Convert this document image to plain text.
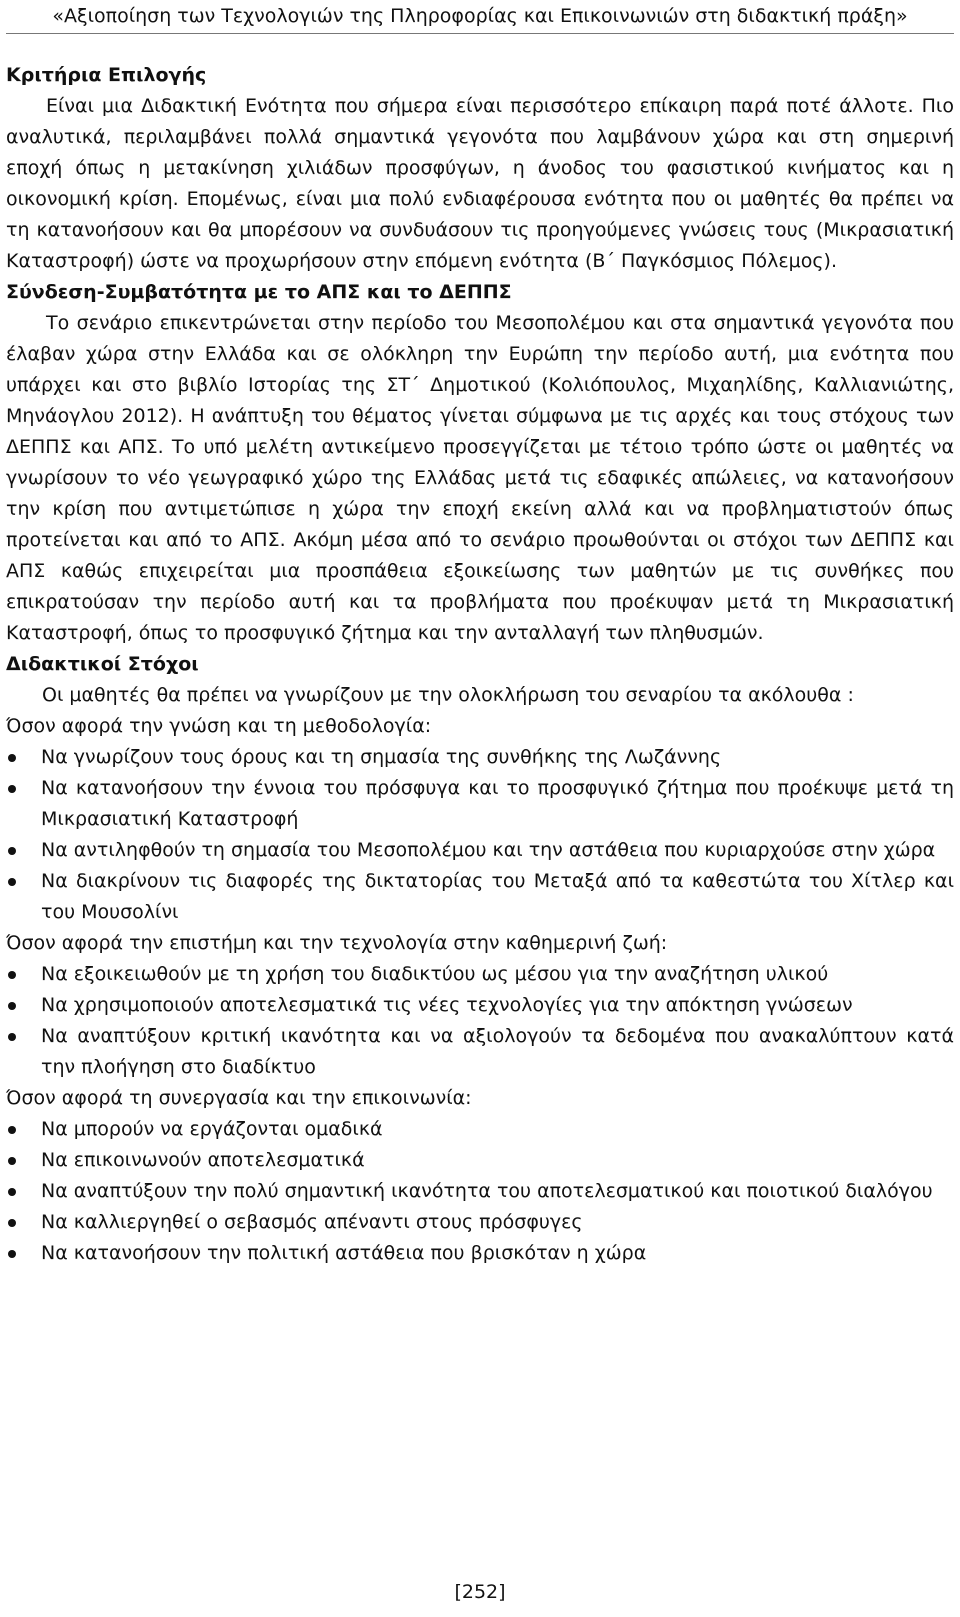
«Αξιοποίηση των Τεχνολογιών της Πληροφορίας και Επικοινωνιών στη διδακτική πράξη»
Κριτήρια Επιλογής

Είναι μια Διδακτική Ενότητα που σήμερα είναι περισσότερο επίκαιρη παρά ποτέ άλλοτε. Πιο αναλυτικά, περιλαμβάνει πολλά σημαντικά γεγονότα που λαμβάνουν χώρα και στη σημερινή εποχή όπως η μετακίνηση χιλιάδων προσφύγων, η άνοδος του φασιστικού κινήματος και η οικονομική κρίση. Επομένως, είναι μια πολύ ενδιαφέρουσα ενότητα που οι μαθητές θα πρέπει να τη κατανοήσουν και θα μπορέσουν να συνδυάσουν τις προηγούμενες γνώσεις τους (Μικρασιατική Καταστροφή) ώστε να προχωρήσουν στην επόμενη ενότητα (Β΄ Παγκόσμιος Πόλεμος).

Σύνδεση-Συμβατότητα με το ΑΠΣ και το ΔΕΠΠΣ

Το σενάριο επικεντρώνεται στην περίοδο του Μεσοπολέμου και στα σημαντικά γεγονότα που έλαβαν χώρα στην Ελλάδα και σε ολόκληρη την Ευρώπη την περίοδο αυτή, μια ενότητα που υπάρχει και στο βιβλίο Ιστορίας της ΣΤ΄ Δημοτικού (Κολιόπουλος, Μιχαηλίδης, Καλλιανιώτης, Μηνάογλου 2012). Η ανάπτυξη του θέματος γίνεται σύμφωνα με τις αρχές και τους στόχους των ΔΕΠΠΣ και ΑΠΣ. Το υπό μελέτη αντικείμενο προσεγγίζεται με τέτοιο τρόπο ώστε οι μαθητές να γνωρίσουν το νέο γεωγραφικό χώρο της Ελλάδας μετά τις εδαφικές απώλειες, να κατανοήσουν την κρίση που αντιμετώπισε η χώρα την εποχή εκείνη αλλά και να προβληματιστούν όπως προτείνεται και από το ΑΠΣ. Ακόμη μέσα από το σενάριο προωθούνται οι στόχοι των ΔΕΠΠΣ και ΑΠΣ καθώς επιχειρείται μια προσπάθεια εξοικείωσης των μαθητών με τις συνθήκες που επικρατούσαν την περίοδο αυτή και τα προβλήματα που προέκυψαν μετά τη Μικρασιατική Καταστροφή, όπως το προσφυγικό ζήτημα και την ανταλλαγή των πληθυσμών.

Διδακτικοί Στόχοι

Οι μαθητές θα πρέπει να γνωρίζουν με την ολοκλήρωση του σεναρίου τα ακόλουθα :

Όσον αφορά την γνώση και τη μεθοδολογία:
Να γνωρίζουν τους όρους και τη σημασία της συνθήκης της Λωζάννης
Να κατανοήσουν την έννοια του πρόσφυγα και το προσφυγικό ζήτημα που προέκυψε μετά τη Μικρασιατική Καταστροφή
Να αντιληφθούν τη σημασία του Μεσοπολέμου και την αστάθεια που κυριαρχούσε στην χώρα
Να διακρίνουν τις διαφορές της δικτατορίας του Μεταξά από τα καθεστώτα του Χίτλερ και του Μουσολίνι
Όσον αφορά την επιστήμη και την τεχνολογία στην καθημερινή ζωή:
Να εξοικειωθούν με τη χρήση του διαδικτύου ως μέσου για την αναζήτηση υλικού
Να χρησιμοποιούν αποτελεσματικά τις νέες τεχνολογίες για την απόκτηση γνώσεων
Να αναπτύξουν κριτική ικανότητα και να αξιολογούν τα δεδομένα που ανακαλύπτουν κατά την πλοήγηση στο διαδίκτυο
Όσον αφορά τη συνεργασία και την επικοινωνία:
Να μπορούν να εργάζονται ομαδικά
Να επικοινωνούν αποτελεσματικά
Να αναπτύξουν την πολύ σημαντική ικανότητα του αποτελεσματικού και ποιοτικού διαλόγου
Να καλλιεργηθεί ο σεβασμός απέναντι στους πρόσφυγες
Να κατανοήσουν την πολιτική αστάθεια που βρισκόταν η χώρα
[252]
